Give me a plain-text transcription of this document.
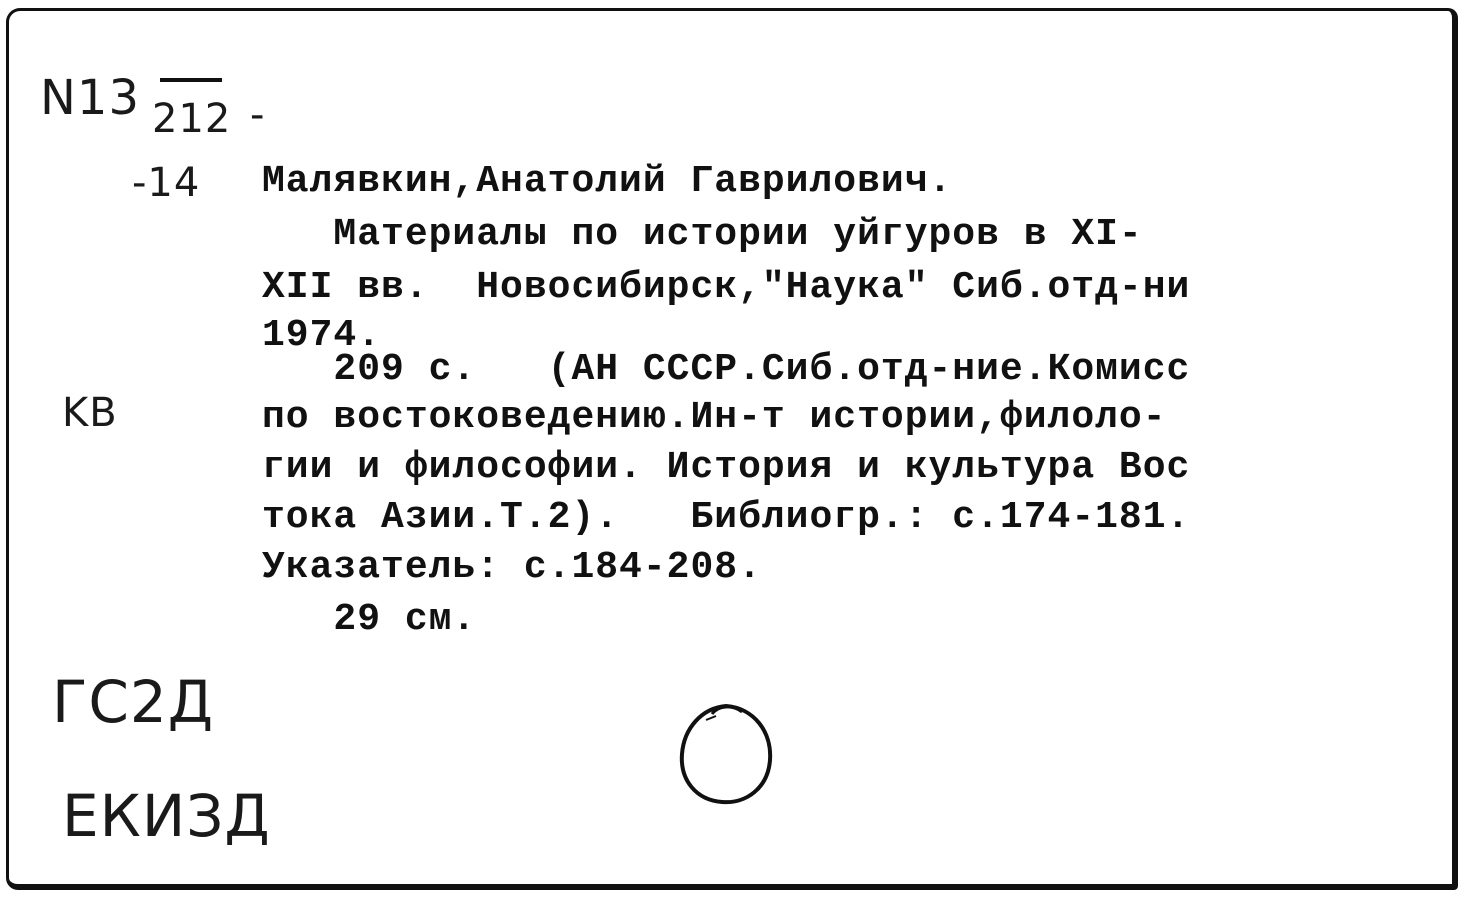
N13 212 -
-14
KB
ГС2Д
ЕКИЗД
Малявкин,Анатолий Гаврилович.
Материалы по истории уйгуров в XI-
XII вв.  Новосибирск,"Наука" Сиб.отд-ни
1974.
209 с.   (АН СССР.Сиб.отд-ние.Комисс
по востоковедению.Ин-т истории,филоло-
гии и философии. История и культура Вос
тока Азии.Т.2).   Библиогр.: с.174-181.
Указатель: с.184-208.
29 см.
